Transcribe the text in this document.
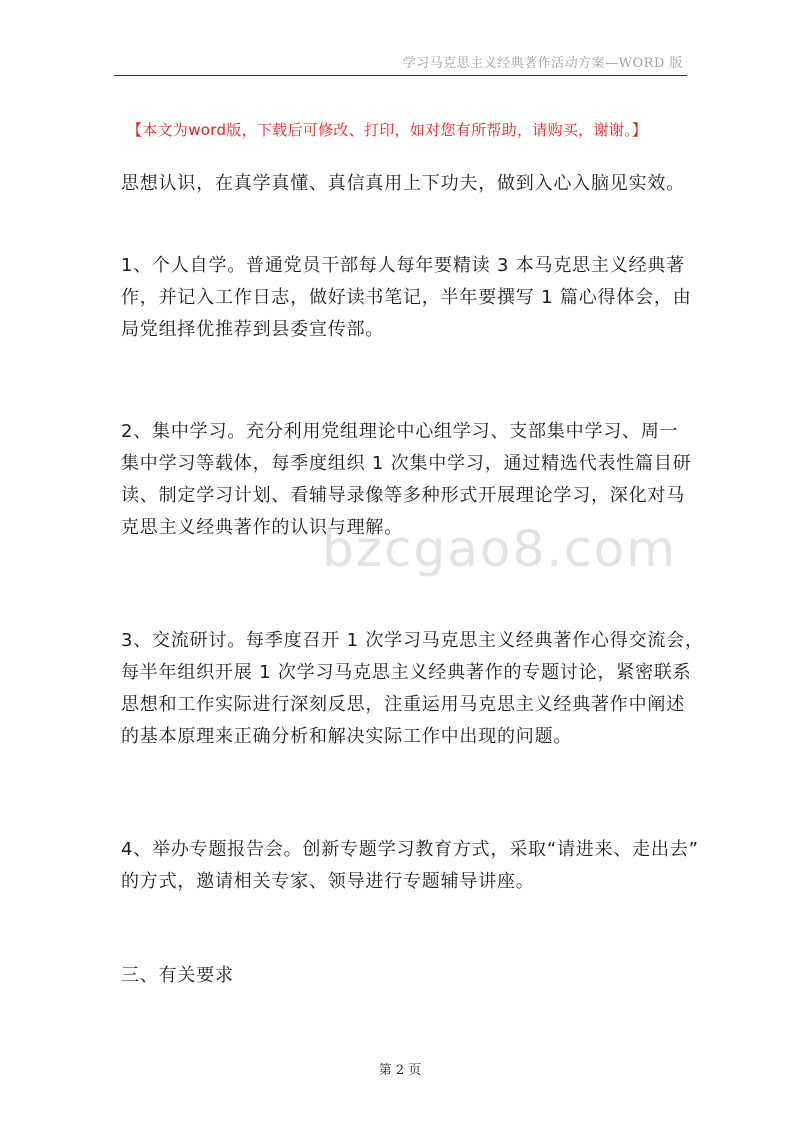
学习马克思主义经典著作活动方案—WORD 版
【本文为word版，下载后可修改、打印，如对您有所帮助，请购买，谢谢。】
思想认识，在真学真懂、真信真用上下功夫，做到入心入脑见实效。
1、个人自学。普通党员干部每人每年要精读 3 本马克思主义经典著
作，并记入工作日志，做好读书笔记，半年要撰写 1 篇心得体会，由
局党组择优推荐到县委宣传部。
2、集中学习。充分利用党组理论中心组学习、支部集中学习、周一
集中学习等载体，每季度组织 1 次集中学习，通过精选代表性篇目研
读、制定学习计划、看辅导录像等多种形式开展理论学习，深化对马
克思主义经典著作的认识与理解。
3、交流研讨。每季度召开 1 次学习马克思主义经典著作心得交流会，
每半年组织开展 1 次学习马克思主义经典著作的专题讨论，紧密联系
思想和工作实际进行深刻反思，注重运用马克思主义经典著作中阐述
的基本原理来正确分析和解决实际工作中出现的问题。
4、举办专题报告会。创新专题学习教育方式，采取“请进来、走出去”
的方式，邀请相关专家、领导进行专题辅导讲座。
三、有关要求
bzcgao8.com
第 2 页
